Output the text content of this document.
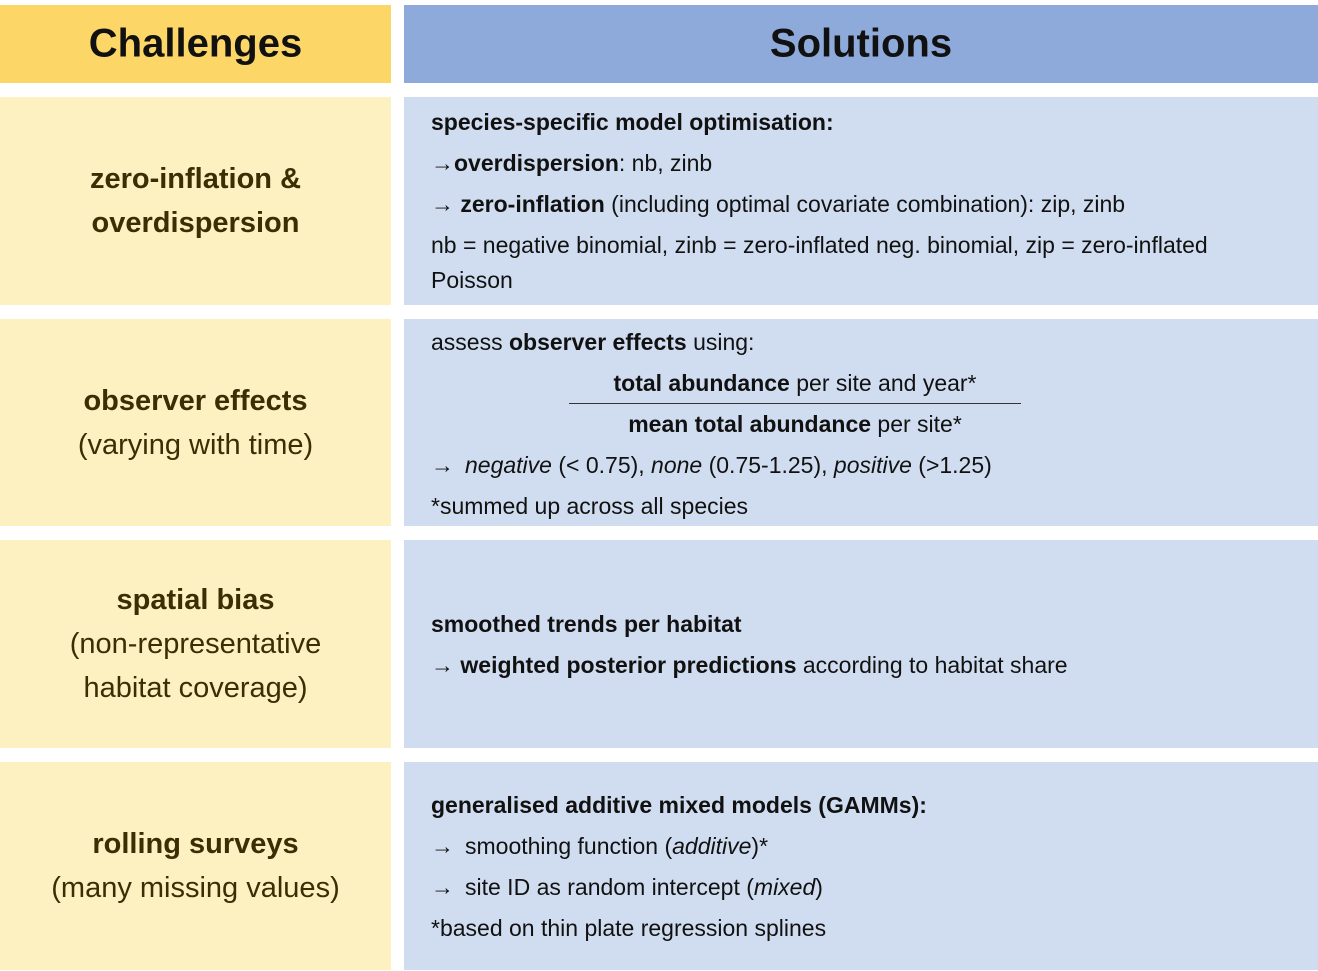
Challenges	Solutions
zero-inflation &
overdispersion
species-specific model optimisation:
→overdispersion: nb, zinb
→ zero-inflation (including optimal covariate combination): zip, zinb
nb = negative binomial, zinb = zero-inflated neg. binomial, zip = zero-inflated Poisson
observer effects
(varying with time)
assess observer effects using:
total abundance per site and year*
mean total abundance per site*
→ negative (< 0.75), none (0.75-1.25), positive (>1.25)
*summed up across all species
spatial bias
(non-representative
habitat coverage)
smoothed trends per habitat
→ weighted posterior predictions according to habitat share
rolling surveys
(many missing values)
generalised additive mixed models (GAMMs):
→ smoothing function (additive)*
→ site ID as random intercept (mixed)
*based on thin plate regression splines
